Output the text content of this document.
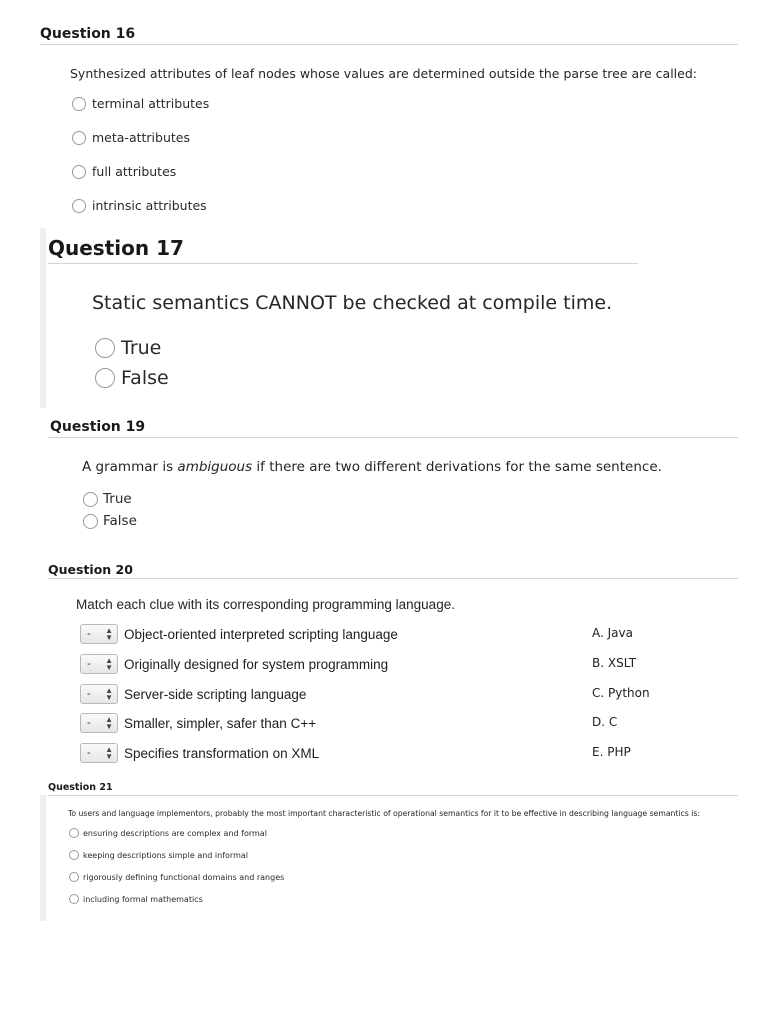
Question 16
Synthesized attributes of leaf nodes whose values are determined outside the parse tree are called:
terminal attributes
meta-attributes
full attributes
intrinsic attributes
Question 17
Static semantics CANNOT be checked at compile time.
True
False
Question 19
A grammar is ambiguous if there are two different derivations for the same sentence.
True
False
Question 20
Match each clue with its corresponding programming language.
- ▲
▼ Object-oriented interpreted scripting language
- ▲
▼ Originally designed for system programming
- ▲
▼ Server-side scripting language
- ▲
▼ Smaller, simpler, safer than C++
- ▲
▼ Specifies transformation on XML
A. Java
B. XSLT
C. Python
D. C
E. PHP
Question 21
To users and language implementors, probably the most important characteristic of operational semantics for it to be effective in describing language semantics is:
ensuring descriptions are complex and formal
keeping descriptions simple and informal
rigorously defining functional domains and ranges
including formal mathematics
